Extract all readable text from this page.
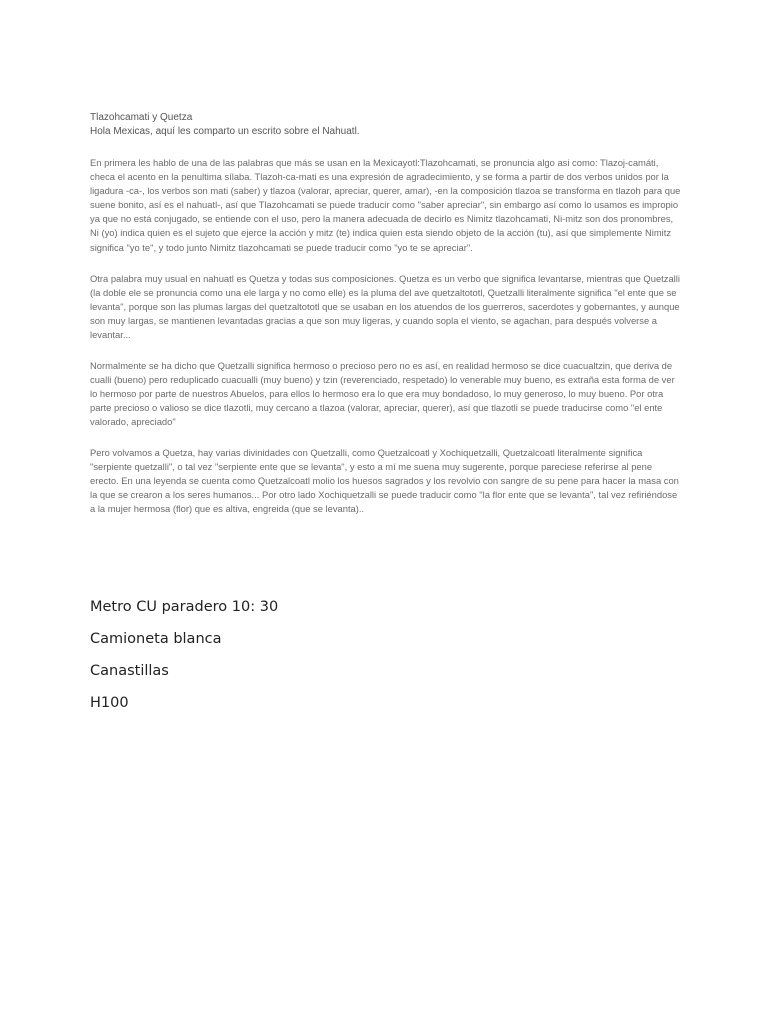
Tlazohcamati y Quetza
Hola Mexicas, aquí les comparto un escrito sobre el Nahuatl.

En primera les hablo de una de las palabras que más se usan en la Mexicayotl:Tlazohcamati, se pronuncia algo asi como: Tlazoj-camáti, checa el acento en la penultima sílaba. Tlazoh-ca-mati es una expresión de agradecimiento, y se forma a partir de dos verbos unidos por la ligadura -ca-, los verbos son mati (saber) y tlazoa (valorar, apreciar, querer, amar), -en la composición tlazoa se transforma en tlazoh para que suene bonito, así es el nahuatl-, así que Tlazohcamati se puede traducir como "saber apreciar", sin embargo así como lo usamos es impropio ya que no está conjugado, se entiende con el uso, pero la manera adecuada de decirlo es Nimitz tlazohcamati, Ni-mitz son dos pronombres, Ni (yo) indica quien es el sujeto que ejerce la acción y mitz (te) indica quien esta siendo objeto de la acción (tu), así que simplemente Nimitz significa "yo te", y todo junto Nimitz tlazohcamati se puede traducir como "yo te se apreciar".

Otra palabra muy usual en nahuatl es Quetza y todas sus composiciones. Quetza es un verbo que significa levantarse, mientras que Quetzalli (la doble ele se pronuncia como una ele larga y no como elle) es la pluma del ave quetzaltototl, Quetzalli literalmente significa "el ente que se levanta", porque son las plumas largas del quetzaltototl que se usaban en los atuendos de los guerreros, sacerdotes y gobernantes, y aunque son muy largas, se mantienen levantadas gracias a que son muy ligeras, y cuando sopla el viento, se agachan, para después volverse a levantar...

Normalmente se ha dicho que Quetzalli significa hermoso o precioso pero no es así, en realidad hermoso se dice cuacualtzin, que deriva de cualli (bueno) pero reduplicado cuacualli (muy bueno) y tzin (reverenciado, respetado) lo venerable muy bueno, es extraña esta forma de ver lo hermoso por parte de nuestros Abuelos, para ellos lo hermoso era lo que era muy bondadoso, lo muy generoso, lo muy bueno. Por otra parte precioso o valioso se dice tlazotli, muy cercano a tlazoa (valorar, apreciar, querer), así que tlazotli se puede traducirse como "el ente valorado, apreciado"

Pero volvamos a Quetza, hay varias divinidades con Quetzalli, como Quetzalcoatl y Xochiquetzalli, Quetzalcoatl literalmente significa "serpiente quetzalli", o tal vez "serpiente ente que se levanta", y esto a mí me suena muy sugerente, porque pareciese referirse al pene erecto. En una leyenda se cuenta como Quetzalcoatl molio los huesos sagrados y los revolvio con sangre de su pene para hacer la masa con la que se crearon a los seres humanos... Por otro lado Xochiquetzalli se puede traducir como "la flor ente que se levanta", tal vez refiriéndose a la mujer hermosa (flor) que es altiva, engreida (que se levanta)..

Metro CU paradero 10: 30
Camioneta blanca
Canastillas
H100
